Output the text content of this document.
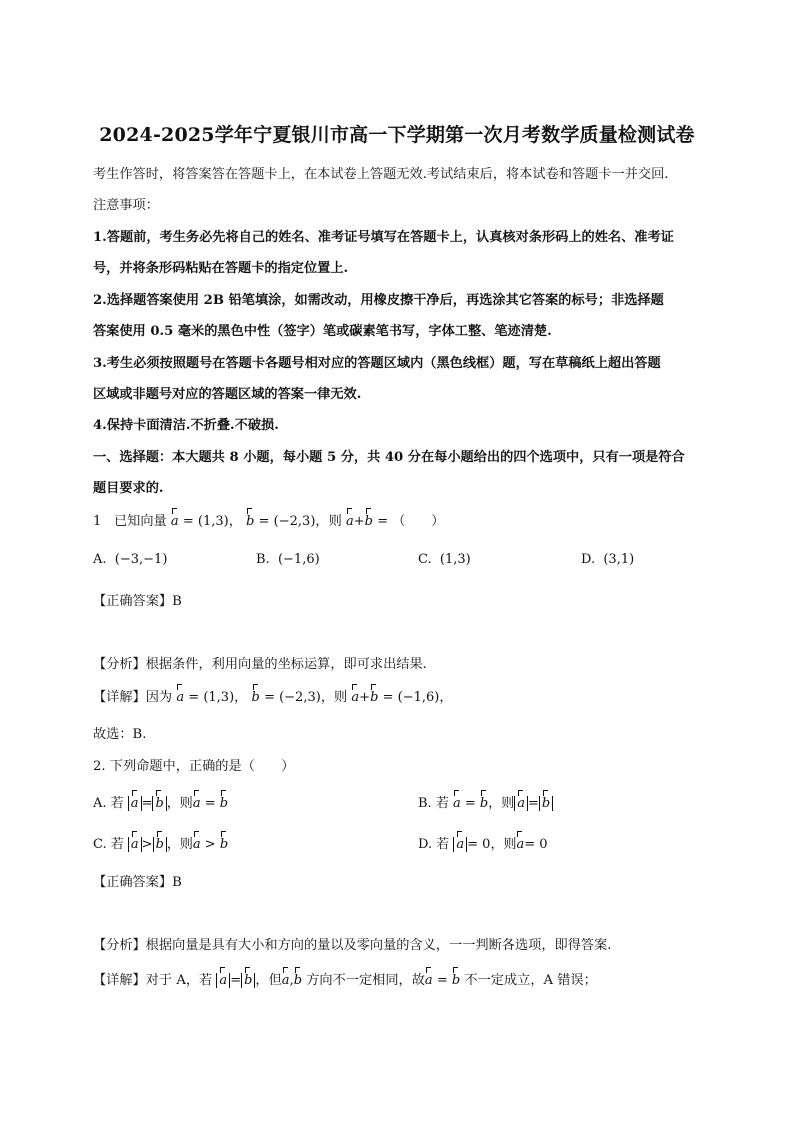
2024-2025学年宁夏银川市高一下学期第一次月考数学质量检测试卷
考生作答时，将答案答在答题卡上，在本试卷上答题无效.考试结束后，将本试卷和答题卡一并交回.
注意事项：
1.答题前，考生务必先将自己的姓名、准考证号填写在答题卡上，认真核对条形码上的姓名、准考证
号，并将条形码粘贴在答题卡的指定位置上.
2.选择题答案使用 2B 铅笔填涂，如需改动，用橡皮擦干净后，再选涂其它答案的标号；非选择题
答案使用 0.5 毫米的黑色中性（签字）笔或碳素笔书写，字体工整、笔迹清楚.
3.考生必须按照题号在答题卡各题号相对应的答题区域内（黑色线框）题，写在草稿纸上超出答题
区域或非题号对应的答题区域的答案一律无效.
4.保持卡面清洁.不折叠.不破损.
一、选择题：本大题共 8 小题，每小题 5 分，共 40 分在每小题给出的四个选项中，只有一项是符合
题目要求的.
1 已知向量 a = (1,3)， b = (−2,3)，则 a+b = （　　）
A. (−3,−1)	B. (−1,6)	C. (1,3)	D. (3,1)
【正确答案】B
【分析】根据条件，利用向量的坐标运算，即可求出结果.
【详解】因为 a = (1,3)， b = (−2,3)，则 a+b = (−1,6)，
故选：B.
2. 下列命题中，正确的是（　　）
A. 若 a = b ，则a = b	B. 若 a = b，则 a = b
C. 若 a > b ，则a > b	D. 若 a = 0，则a= 0
【正确答案】B
【分析】根据向量是具有大小和方向的量以及零向量的含义，一一判断各选项，即得答案.
【详解】对于 A，若 a = b ，但a,b 方向不一定相同，故a = b 不一定成立，A 错误；
